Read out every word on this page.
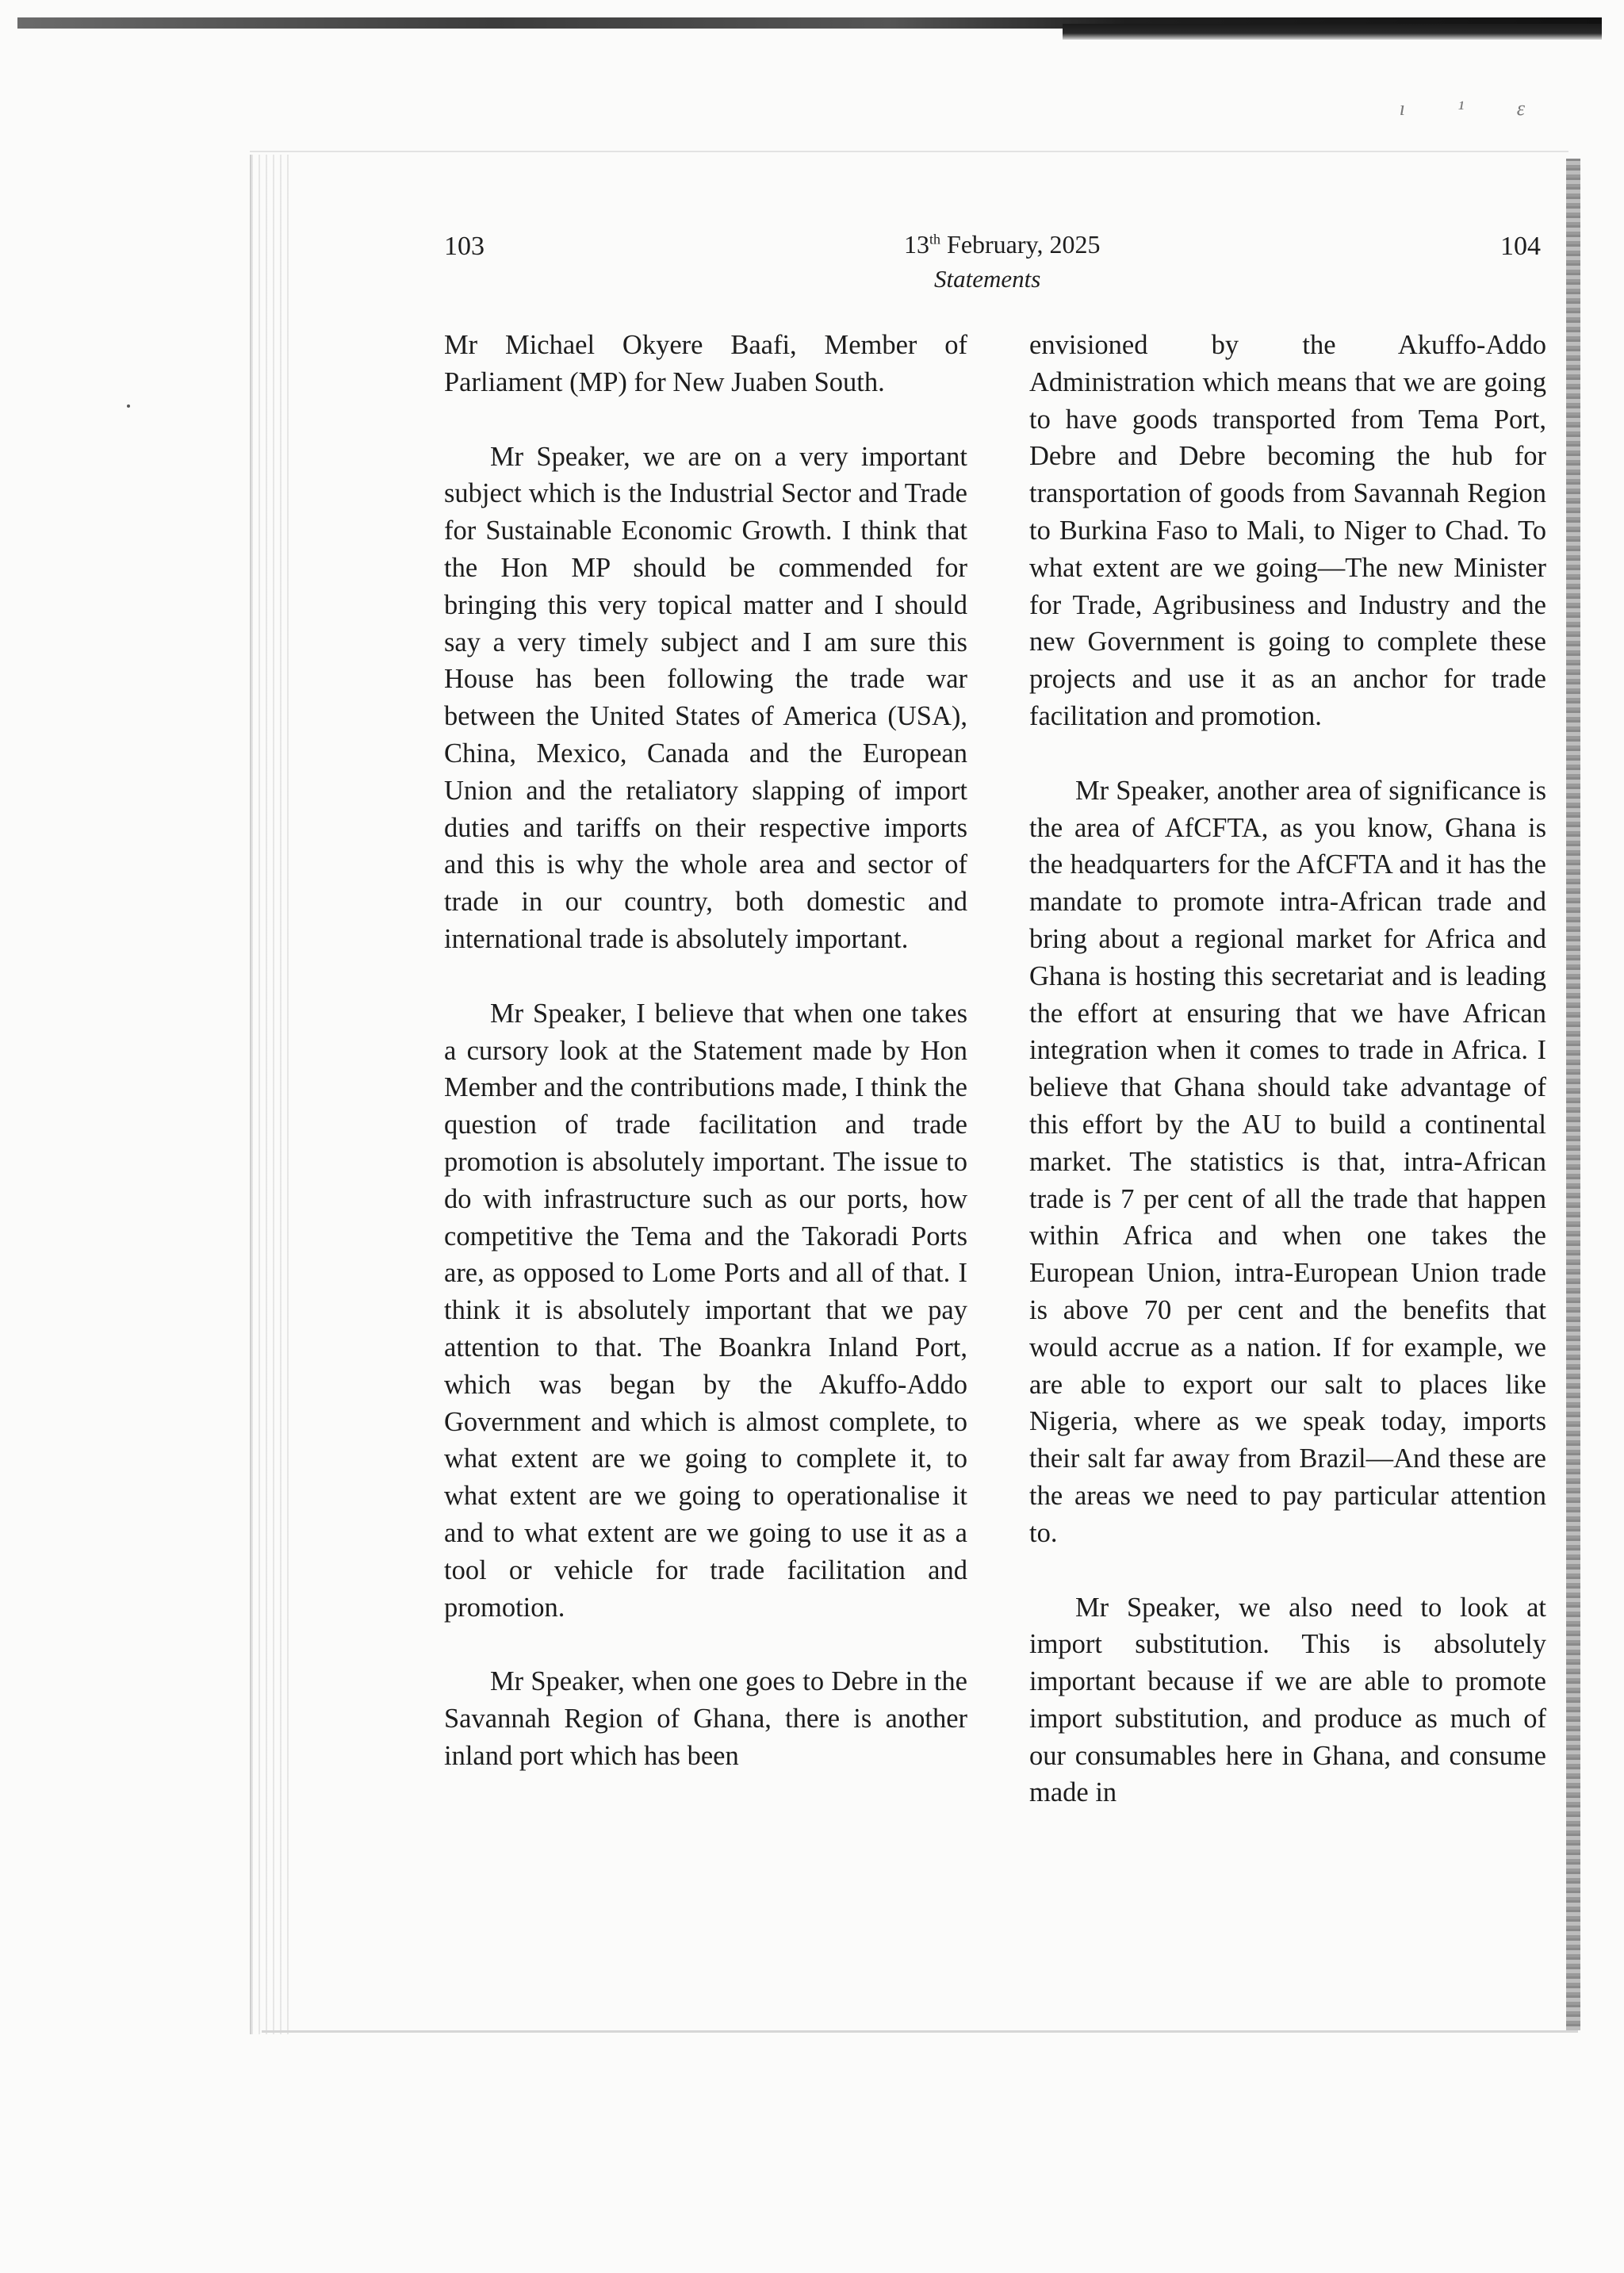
ı ¹ ε
103	13th February, 2025	104
Statements

Mr Michael Okyere Baafi, Member of Parliament (MP) for New Juaben South.

Mr Speaker, we are on a very important subject which is the Industrial Sector and Trade for Sustainable Economic Growth. I think that the Hon MP should be commended for bringing this very topical matter and I should say a very timely subject and I am sure this House has been following the trade war between the United States of America (USA), China, Mexico, Canada and the European Union and the retaliatory slapping of import duties and tariffs on their respective imports and this is why the whole area and sector of trade in our country, both domestic and international trade is absolutely important.

Mr Speaker, I believe that when one takes a cursory look at the Statement made by Hon Member and the contributions made, I think the question of trade facilitation and trade promotion is absolutely important. The issue to do with infrastructure such as our ports, how competitive the Tema and the Takoradi Ports are, as opposed to Lome Ports and all of that. I think it is absolutely important that we pay attention to that. The Boankra Inland Port, which was began by the Akuffo-Addo Government and which is almost complete, to what extent are we going to complete it, to what extent are we going to operationalise it and to what extent are we going to use it as a tool or vehicle for trade facilitation and promotion.

Mr Speaker, when one goes to Debre in the Savannah Region of Ghana, there is another inland port which has been

envisioned by the Akuffo-Addo Administration which means that we are going to have goods transported from Tema Port, Debre and Debre becoming the hub for transportation of goods from Savannah Region to Burkina Faso to Mali, to Niger to Chad. To what extent are we going—The new Minister for Trade, Agribusiness and Industry and the new Government is going to complete these projects and use it as an anchor for trade facilitation and promotion.

Mr Speaker, another area of significance is the area of AfCFTA, as you know, Ghana is the headquarters for the AfCFTA and it has the mandate to promote intra-African trade and bring about a regional market for Africa and Ghana is hosting this secretariat and is leading the effort at ensuring that we have African integration when it comes to trade in Africa. I believe that Ghana should take advantage of this effort by the AU to build a continental market. The statistics is that, intra-African trade is 7 per cent of all the trade that happen within Africa and when one takes the European Union, intra-European Union trade is above 70 per cent and the benefits that would accrue as a nation. If for example, we are able to export our salt to places like Nigeria, where as we speak today, imports their salt far away from Brazil—And these are the areas we need to pay particular attention to.

Mr Speaker, we also need to look at import substitution. This is absolutely important because if we are able to promote import substitution, and produce as much of our consumables here in Ghana, and consume made in
